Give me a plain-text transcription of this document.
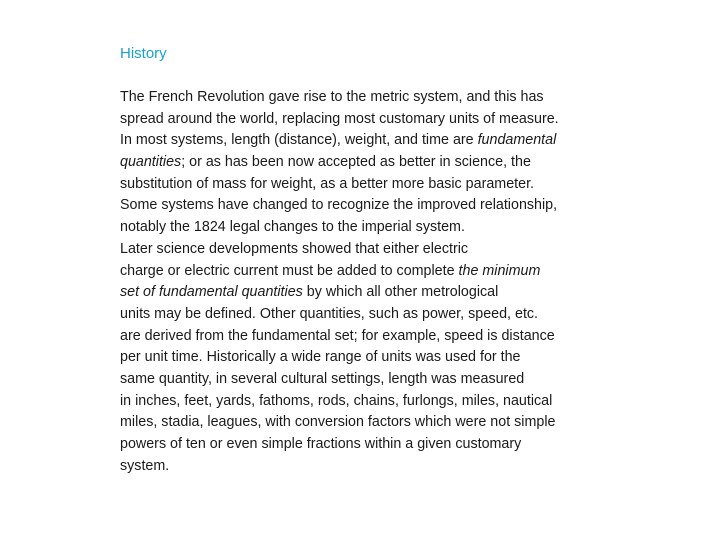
History
The French Revolution gave rise to the metric system, and this has
spread around the world, replacing most customary units of measure.
In most systems, length (distance), weight, and time are fundamental
quantities; or as has been now accepted as better in science, the
substitution of mass for weight, as a better more basic parameter.
Some systems have changed to recognize the improved relationship,
notably the 1824 legal changes to the imperial system.
Later science developments showed that either electric
charge or electric current must be added to complete the minimum
set of fundamental quantities by which all other metrological
units may be defined. Other quantities, such as power, speed, etc.
are derived from the fundamental set; for example, speed is distance
per unit time. Historically a wide range of units was used for the
same quantity, in several cultural settings, length was measured
in inches, feet, yards, fathoms, rods, chains, furlongs, miles, nautical
miles, stadia, leagues, with conversion factors which were not simple
powers of ten or even simple fractions within a given customary
system.
